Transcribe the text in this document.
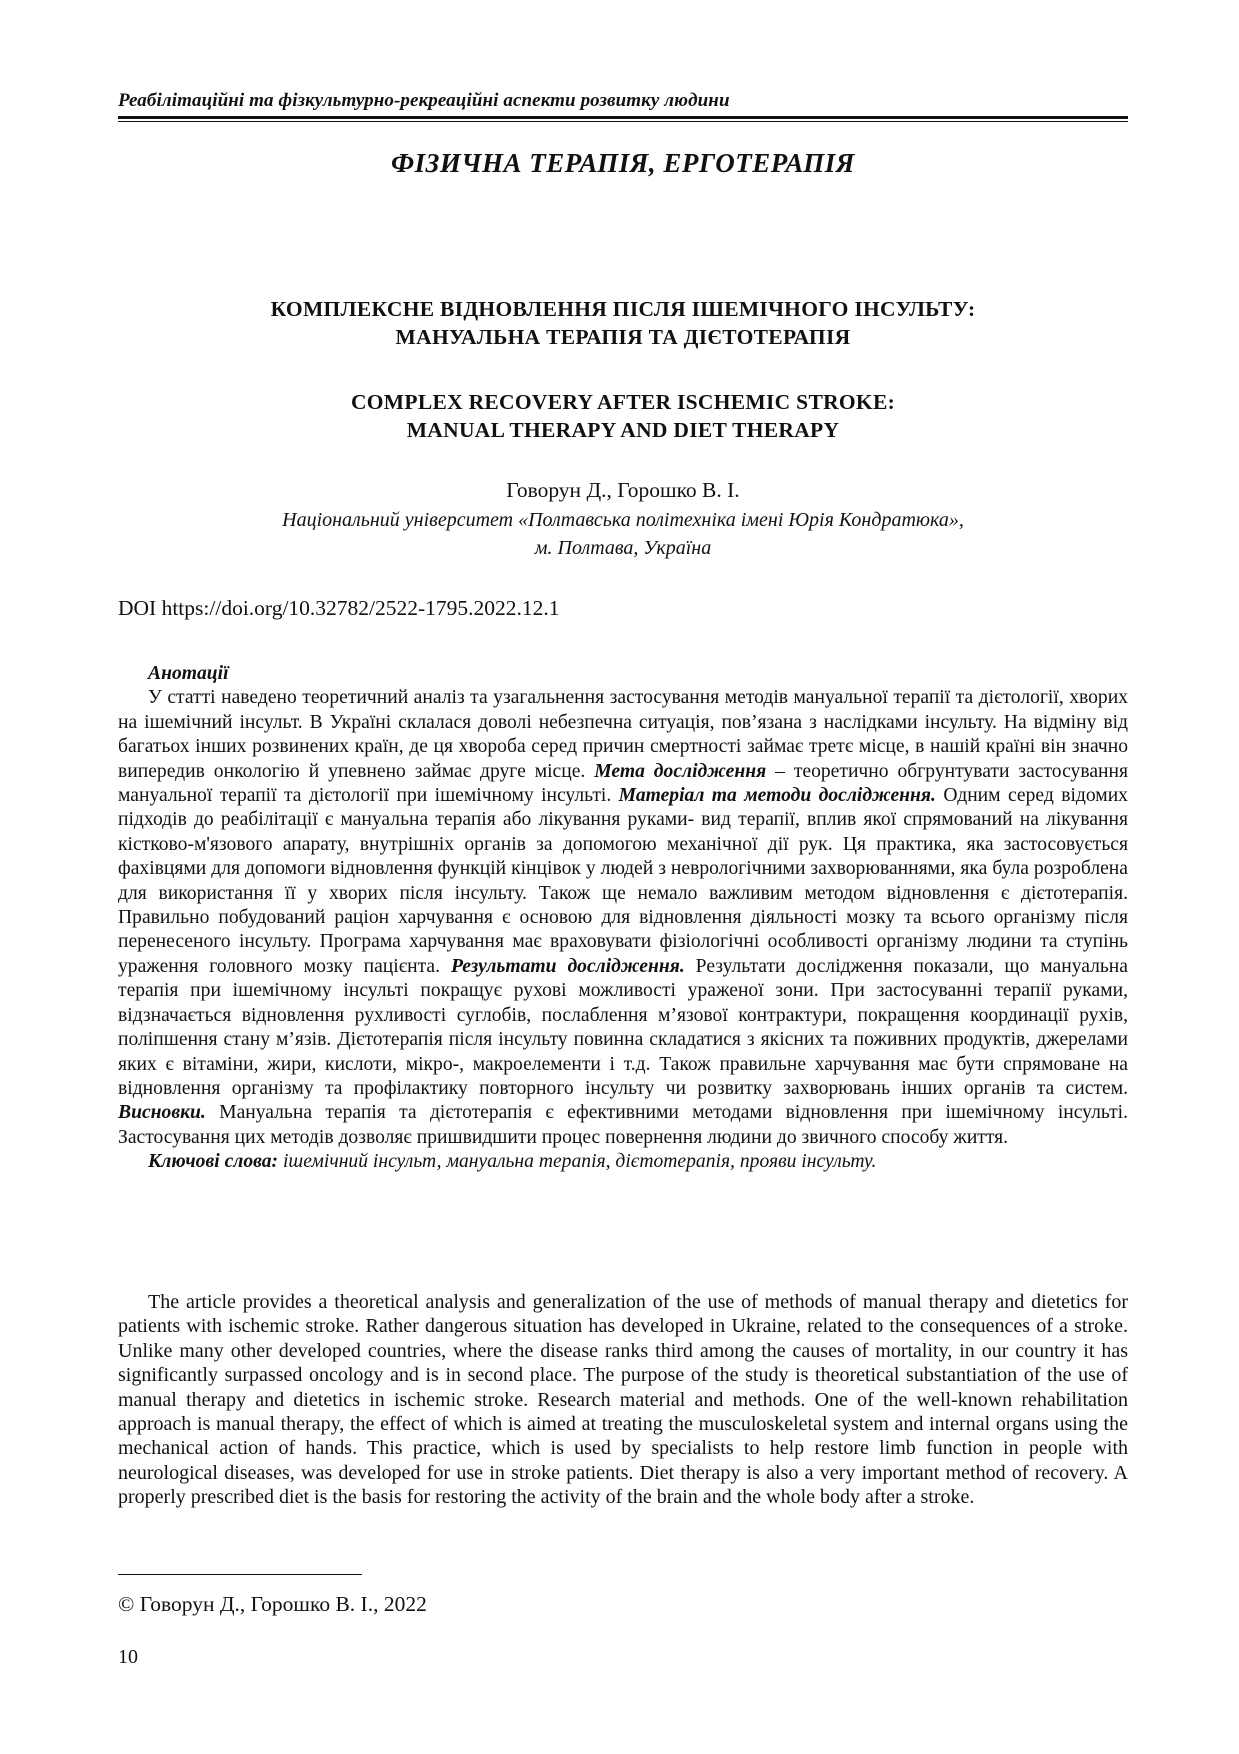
Реабілітаційні та фізкультурно-рекреаційні аспекти розвитку людини
ФІЗИЧНА ТЕРАПІЯ, ЕРГОТЕРАПІЯ
КОМПЛЕКСНЕ ВІДНОВЛЕННЯ ПІСЛЯ ІШЕМІЧНОГО ІНСУЛЬТУ:
МАНУАЛЬНА ТЕРАПІЯ ТА ДІЄТОТЕРАПІЯ
COMPLEX RECOVERY AFTER ISCHEMIC STROKE:
MANUAL THERAPY AND DIET THERAPY
Говорун Д., Горошко В. І.
Національний університет «Полтавська політехніка імені Юрія Кондратюка»,
м. Полтава, Україна
DOI https://doi.org/10.32782/2522-1795.2022.12.1
Анотації

У статті наведено теоретичний аналіз та узагальнення застосування методів мануальної терапії та дієтології, хворих на ішемічний інсульт. В Україні склалася доволі небезпечна ситуація, пов’язана з наслідками інсульту. На відміну від багатьох інших розвинених країн, де ця хвороба серед причин смертності займає третє місце, в нашій країні він значно випередив онкологію й упевнено займає друге місце. Мета дослідження – теоретично обгрунтувати застосування мануальної терапії та дієтології при ішемічному інсульті. Матеріал та методи дослідження. Одним серед відомих підходів до реабілітації є мануальна терапія або лікування руками- вид терапії, вплив якої спрямований на лікування кістково-м'язового апарату, внутрішніх органів за допомогою механічної дії рук. Ця практика, яка застосовується фахівцями для допомоги відновлення функцій кінцівок у людей з неврологічними захворюваннями, яка була розроблена для використання її у хворих після інсульту. Також ще немало важливим методом відновлення є дієтотерапія. Правильно побудований раціон харчування є основою для відновлення діяльності мозку та всього організму після перенесеного інсульту. Програма харчування має враховувати фізіологічні особливості організму людини та ступінь ураження головного мозку пацієнта. Результати дослідження. Результати дослідження показали, що мануальна терапія при ішемічному інсульті покращує рухові можливості ураженої зони. При застосуванні терапії руками, відзначається відновлення рухливості суглобів, послаблення м’язової контрактури, покращення координації рухів, поліпшення стану м’язів. Дієтотерапія після інсульту повинна складатися з якісних та поживних продуктів, джерелами яких є вітаміни, жири, кислоти, мікро-, макроелементи і т.д. Також правильне харчування має бути спрямоване на відновлення організму та профілактику повторного інсульту чи розвитку захворювань інших органів та систем. Висновки. Мануальна терапія та дієтотерапія є ефективними методами відновлення при ішемічному інсульті. Застосування цих методів дозволяє пришвидшити процес повернення людини до звичного способу життя.

Ключові слова: ішемічний інсульт, мануальна терапія, дієтотерапія, прояви інсульту.

The article provides a theoretical analysis and generalization of the use of methods of manual therapy and dietetics for patients with ischemic stroke. Rather dangerous situation has developed in Ukraine, related to the consequences of a stroke. Unlike many other developed countries, where the disease ranks third among the causes of mortality, in our country it has significantly surpassed oncology and is in second place. The purpose of the study is theoretical substantiation of the use of manual therapy and dietetics in ischemic stroke. Research material and methods. One of the well-known rehabilitation approach is manual therapy, the effect of which is aimed at treating the musculoskeletal system and internal organs using the mechanical action of hands. This practice, which is used by specialists to help restore limb function in people with neurological diseases, was developed for use in stroke patients. Diet therapy is also a very important method of recovery. A properly prescribed diet is the basis for restoring the activity of the brain and the whole body after a stroke.

© Говорун Д., Горошко В. І., 2022
10
